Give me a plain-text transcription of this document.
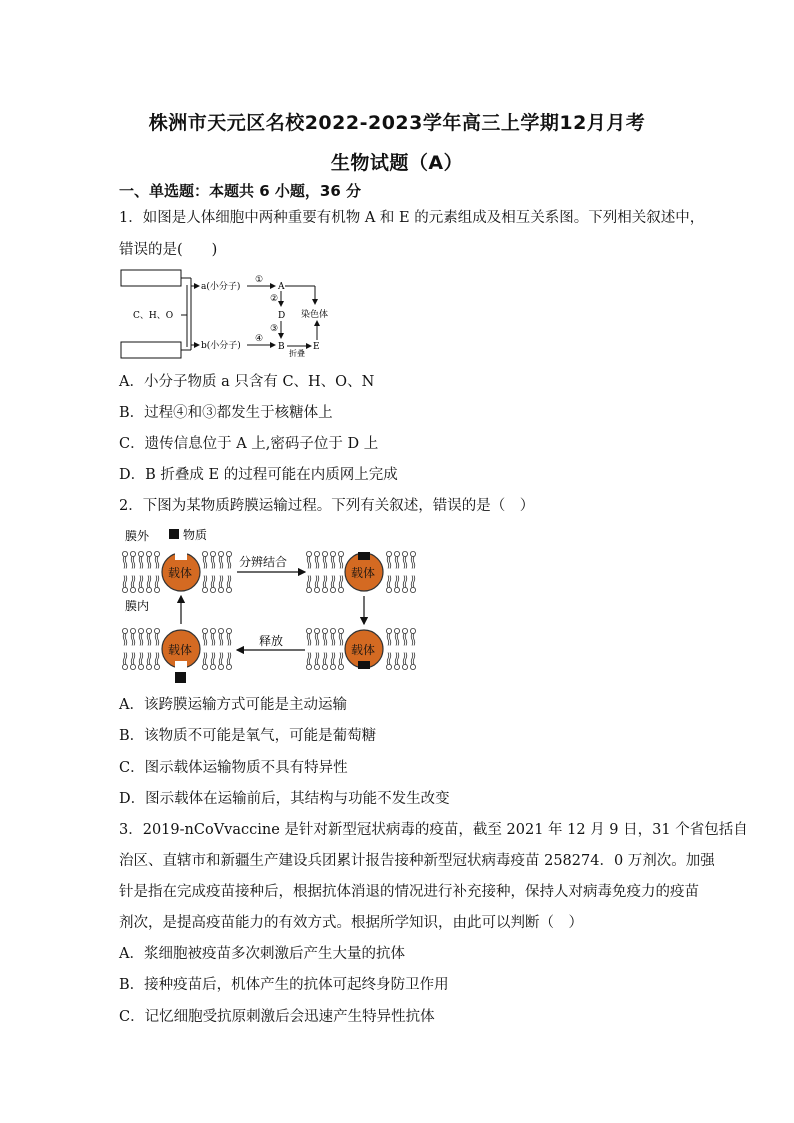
株洲市天元区名校2022-2023学年高三上学期12月月考
生物试题（A）
一、单选题：本题共 6 小题，36 分
1．如图是人体细胞中两种重要有机物 A 和 E 的元素组成及相互关系图。下列相关叙述中，
错误的是(　　)
C、H、O
a(小分子)
b(小分子)
①
A
染色体
②
D
③
④
B
折叠
E
A．小分子物质 a 只含有 C、H、O、N
B．过程④和③都发生于核糖体上
C．遗传信息位于 A 上,密码子位于 D 上
D．B 折叠成 E 的过程可能在内质网上完成
2．下图为某物质跨膜运输过程。下列有关叙述，错误的是（　）
膜外	物质
膜内
载体	载体
载体
载体
分辨结合
释放
A．该跨膜运输方式可能是主动运输
B．该物质不可能是氧气，可能是葡萄糖
C．图示载体运输物质不具有特异性
D．图示载体在运输前后，其结构与功能不发生改变
3．2019-nCoVvaccine 是针对新型冠状病毒的疫苗，截至 2021 年 12 月 9 日，31 个省包括自
治区、直辖市和新疆生产建设兵团累计报告接种新型冠状病毒疫苗 258274．0 万剂次。加强
针是指在完成疫苗接种后，根据抗体消退的情况进行补充接种，保持人对病毒免疫力的疫苗
剂次，是提高疫苗能力的有效方式。根据所学知识，由此可以判断（　）
A．浆细胞被疫苗多次刺激后产生大量的抗体
B．接种疫苗后，机体产生的抗体可起终身防卫作用
C．记忆细胞受抗原刺激后会迅速产生特异性抗体
